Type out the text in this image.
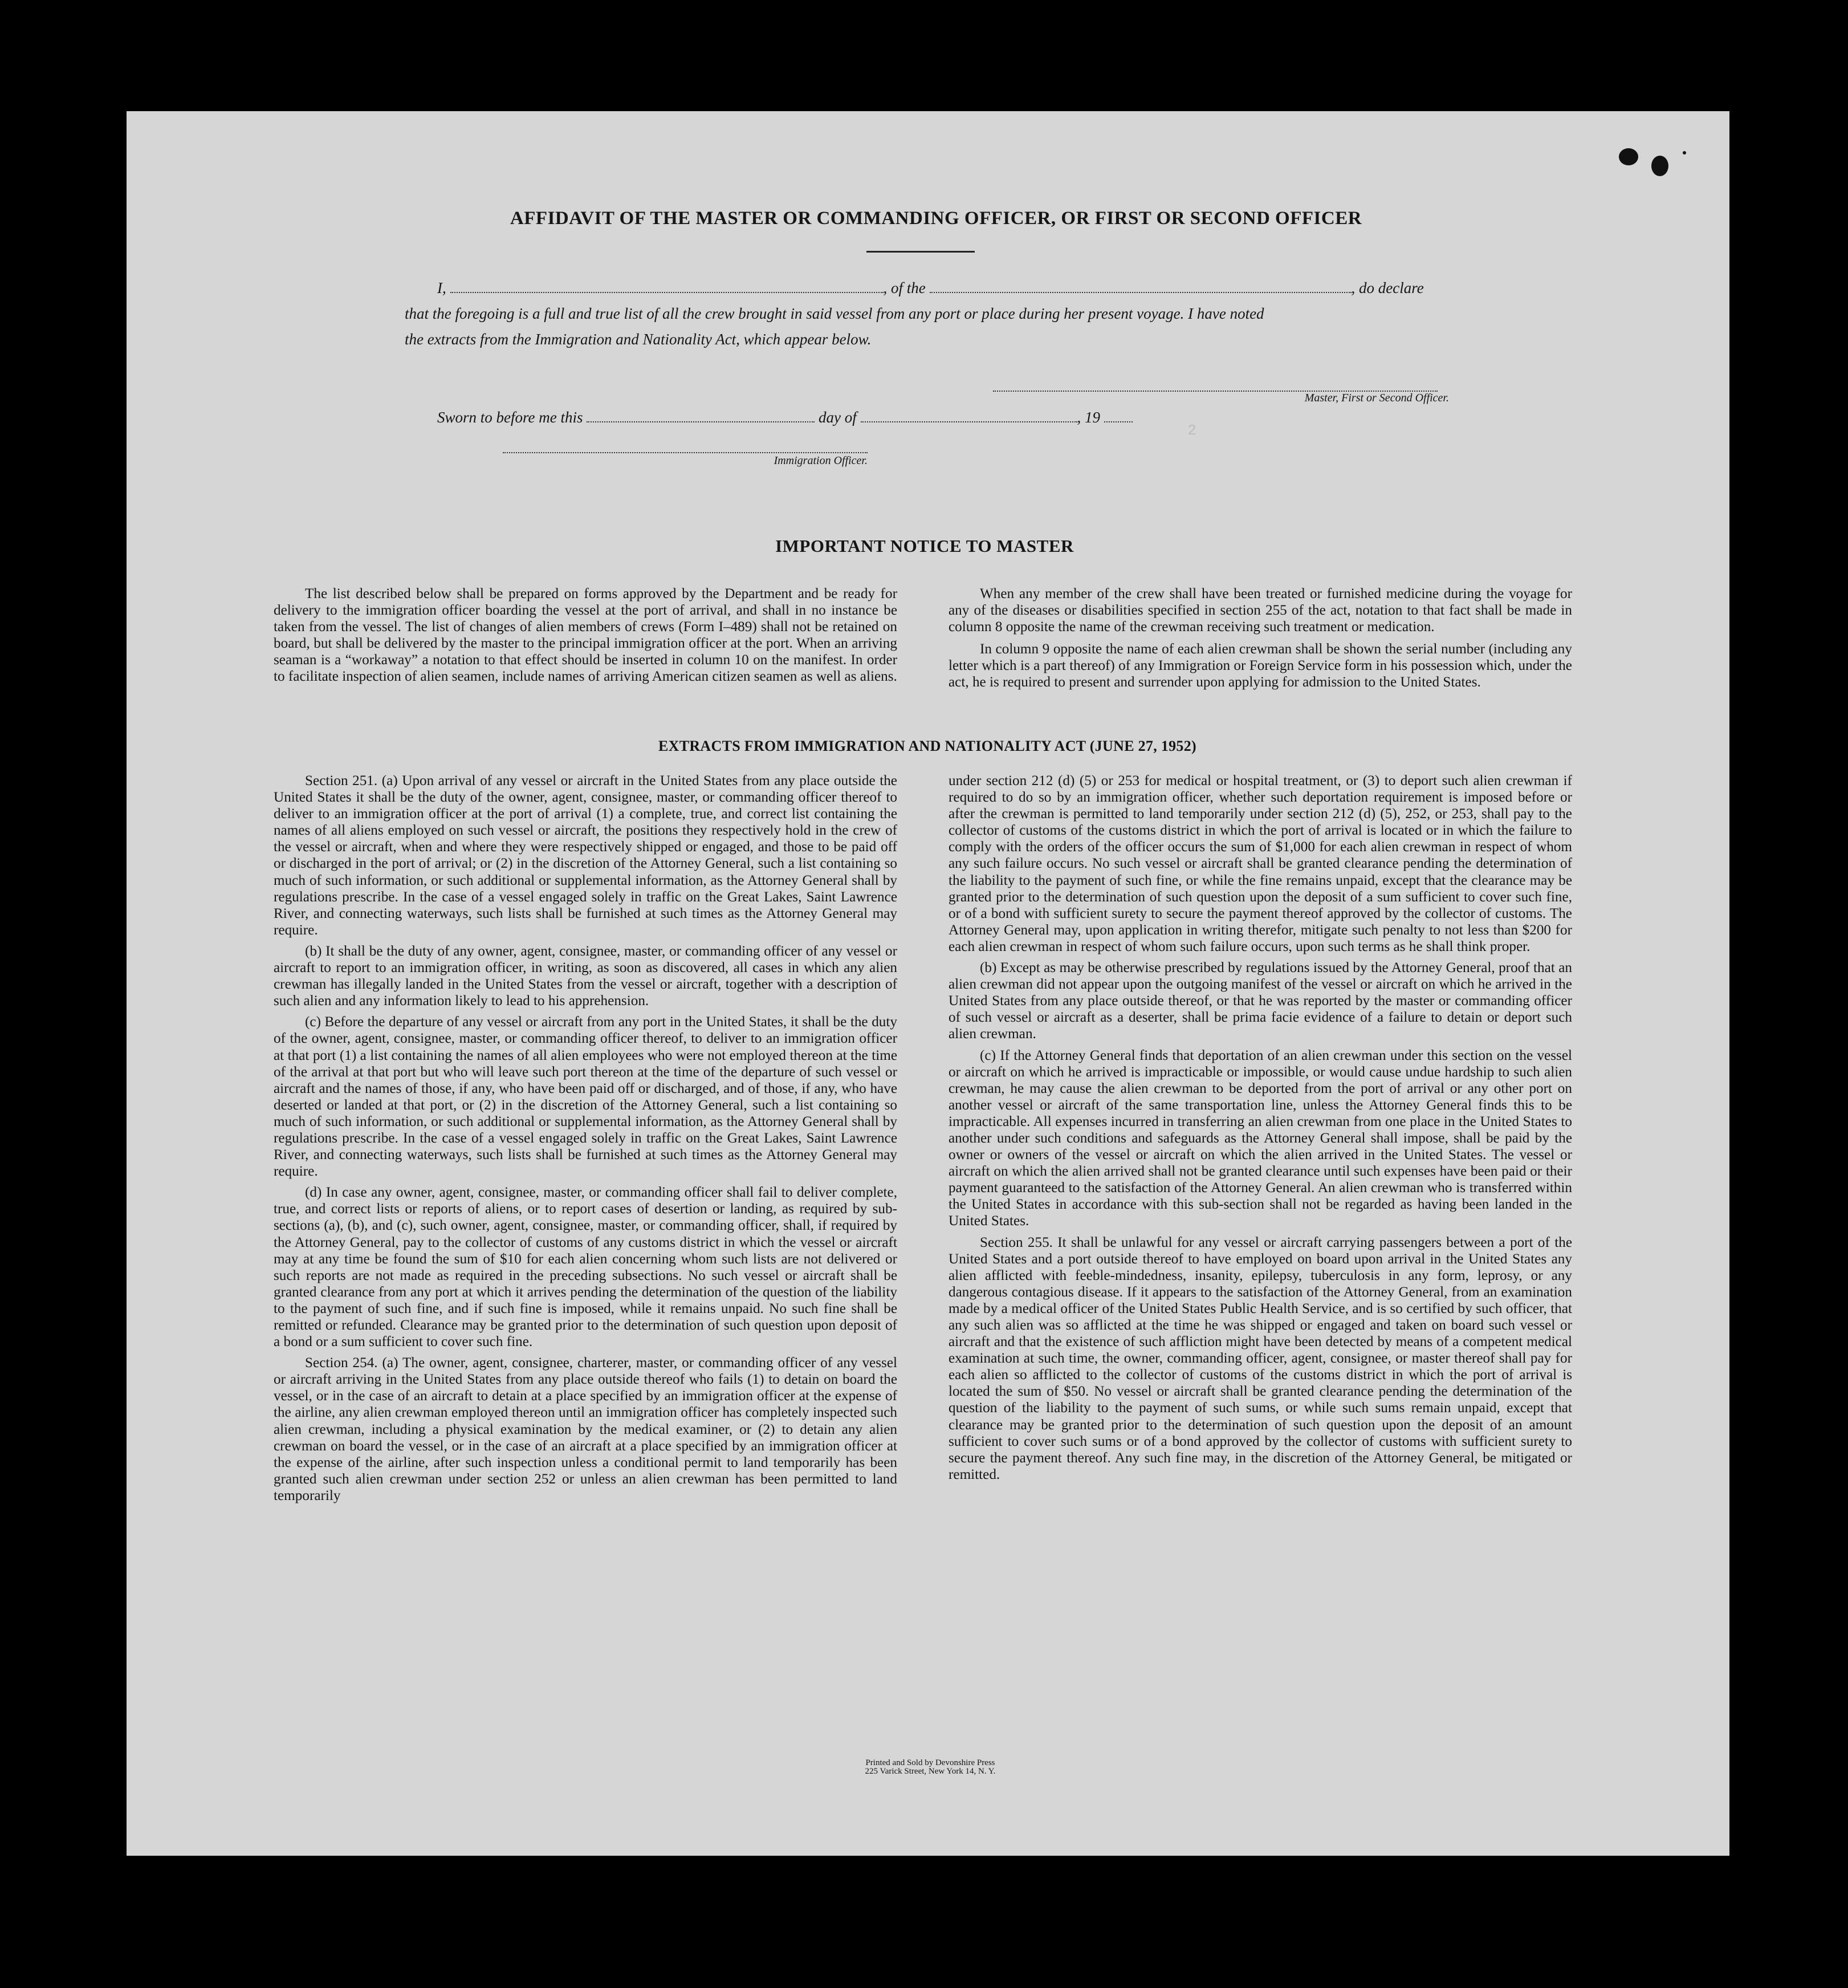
2
AFFIDAVIT OF THE MASTER OR COMMANDING OFFICER, OR FIRST OR SECOND OFFICER
I,	, of the	, do declare
that the foregoing is a full and true list of all the crew brought in said vessel from any port or place during her present voyage. I have noted
the extracts from the Immigration and Nationality Act, which appear below.
Master, First or Second Officer.
Sworn to before me this	day of	, 19
Immigration Officer.
IMPORTANT NOTICE TO MASTER

The list described below shall be prepared on forms approved by the Department and be ready for delivery to the immigration officer boarding the vessel at the port of arrival, and shall in no instance be taken from the vessel. The list of changes of alien members of crews (Form I–489) shall not be retained on board, but shall be delivered by the master to the principal immigration officer at the port. When an arriving seaman is a “workaway” a notation to that effect should be inserted in column 10 on the manifest. In order to facilitate inspection of alien seamen, include names of arriving American citizen seamen as well as aliens.

When any member of the crew shall have been treated or furnished medicine during the voyage for any of the diseases or disabilities specified in section 255 of the act, notation to that fact shall be made in column 8 opposite the name of the crewman receiving such treatment or medication.

In column 9 opposite the name of each alien crewman shall be shown the serial number (including any letter which is a part thereof) of any Immigration or Foreign Service form in his possession which, under the act, he is required to present and surrender upon applying for admission to the United States.

EXTRACTS FROM IMMIGRATION AND NATIONALITY ACT (JUNE 27, 1952)

Section 251. (a) Upon arrival of any vessel or aircraft in the United States from any place outside the United States it shall be the duty of the owner, agent, consignee, master, or commanding officer thereof to deliver to an immigration officer at the port of arrival (1) a complete, true, and correct list containing the names of all aliens employed on such vessel or aircraft, the positions they respectively hold in the crew of the vessel or aircraft, when and where they were respectively shipped or engaged, and those to be paid off or discharged in the port of arrival; or (2) in the discretion of the Attorney General, such a list containing so much of such information, or such additional or supplemental information, as the Attorney General shall by regulations prescribe. In the case of a vessel engaged solely in traffic on the Great Lakes, Saint Lawrence River, and connecting waterways, such lists shall be furnished at such times as the Attorney General may require.

(b) It shall be the duty of any owner, agent, consignee, master, or commanding officer of any vessel or aircraft to report to an immigration officer, in writing, as soon as discovered, all cases in which any alien crewman has illegally landed in the United States from the vessel or aircraft, together with a description of such alien and any information likely to lead to his apprehension.

(c) Before the departure of any vessel or aircraft from any port in the United States, it shall be the duty of the owner, agent, consignee, master, or commanding officer thereof, to deliver to an immigration officer at that port (1) a list containing the names of all alien employees who were not employed thereon at the time of the arrival at that port but who will leave such port thereon at the time of the departure of such vessel or aircraft and the names of those, if any, who have been paid off or discharged, and of those, if any, who have deserted or landed at that port, or (2) in the discretion of the Attorney General, such a list containing so much of such information, or such additional or supplemental information, as the Attorney General shall by regulations prescribe. In the case of a vessel engaged solely in traffic on the Great Lakes, Saint Lawrence River, and connecting waterways, such lists shall be furnished at such times as the Attorney General may require.

(d) In case any owner, agent, consignee, master, or commanding officer shall fail to deliver complete, true, and correct lists or reports of aliens, or to report cases of desertion or landing, as required by sub-sections (a), (b), and (c), such owner, agent, consignee, master, or commanding officer, shall, if required by the Attorney General, pay to the collector of customs of any customs district in which the vessel or aircraft may at any time be found the sum of $10 for each alien concerning whom such lists are not delivered or such reports are not made as required in the preceding subsections. No such vessel or aircraft shall be granted clearance from any port at which it arrives pending the determination of the question of the liability to the payment of such fine, and if such fine is imposed, while it remains unpaid. No such fine shall be remitted or refunded. Clearance may be granted prior to the determination of such question upon deposit of a bond or a sum sufficient to cover such fine.

Section 254. (a) The owner, agent, consignee, charterer, master, or commanding officer of any vessel or aircraft arriving in the United States from any place outside thereof who fails (1) to detain on board the vessel, or in the case of an aircraft to detain at a place specified by an immigration officer at the expense of the airline, any alien crewman employed thereon until an immigration officer has completely inspected such alien crewman, including a physical examination by the medical examiner, or (2) to detain any alien crewman on board the vessel, or in the case of an aircraft at a place specified by an immigration officer at the expense of the airline, after such inspection unless a conditional permit to land temporarily has been granted such alien crewman under section 252 or unless an alien crewman has been permitted to land temporarily

under section 212 (d) (5) or 253 for medical or hospital treatment, or (3) to deport such alien crewman if required to do so by an immigration officer, whether such deportation requirement is imposed before or after the crewman is permitted to land temporarily under section 212 (d) (5), 252, or 253, shall pay to the collector of customs of the customs district in which the port of arrival is located or in which the failure to comply with the orders of the officer occurs the sum of $1,000 for each alien crewman in respect of whom any such failure occurs. No such vessel or aircraft shall be granted clearance pending the determination of the liability to the payment of such fine, or while the fine remains unpaid, except that the clearance may be granted prior to the determination of such question upon the deposit of a sum sufficient to cover such fine, or of a bond with sufficient surety to secure the payment thereof approved by the collector of customs. The Attorney General may, upon application in writing therefor, mitigate such penalty to not less than $200 for each alien crewman in respect of whom such failure occurs, upon such terms as he shall think proper.

(b) Except as may be otherwise prescribed by regulations issued by the Attorney General, proof that an alien crewman did not appear upon the outgoing manifest of the vessel or aircraft on which he arrived in the United States from any place outside thereof, or that he was reported by the master or commanding officer of such vessel or aircraft as a deserter, shall be prima facie evidence of a failure to detain or deport such alien crewman.

(c) If the Attorney General finds that deportation of an alien crewman under this section on the vessel or aircraft on which he arrived is impracticable or impossible, or would cause undue hardship to such alien crewman, he may cause the alien crewman to be deported from the port of arrival or any other port on another vessel or aircraft of the same transportation line, unless the Attorney General finds this to be impracticable. All expenses incurred in transferring an alien crewman from one place in the United States to another under such conditions and safeguards as the Attorney General shall impose, shall be paid by the owner or owners of the vessel or aircraft on which the alien arrived in the United States. The vessel or aircraft on which the alien arrived shall not be granted clearance until such expenses have been paid or their payment guaranteed to the satisfaction of the Attorney General. An alien crewman who is transferred within the United States in accordance with this sub-section shall not be regarded as having been landed in the United States.

Section 255. It shall be unlawful for any vessel or aircraft carrying passengers between a port of the United States and a port outside thereof to have employed on board upon arrival in the United States any alien afflicted with feeble-mindedness, insanity, epilepsy, tuberculosis in any form, leprosy, or any dangerous contagious disease. If it appears to the satisfaction of the Attorney General, from an examination made by a medical officer of the United States Public Health Service, and is so certified by such officer, that any such alien was so afflicted at the time he was shipped or engaged and taken on board such vessel or aircraft and that the existence of such affliction might have been detected by means of a competent medical examination at such time, the owner, commanding officer, agent, consignee, or master thereof shall pay for each alien so afflicted to the collector of customs of the customs district in which the port of arrival is located the sum of $50. No vessel or aircraft shall be granted clearance pending the determination of the question of the liability to the payment of such sums, or while such sums remain unpaid, except that clearance may be granted prior to the determination of such question upon the deposit of an amount sufficient to cover such sums or of a bond approved by the collector of customs with sufficient surety to secure the payment thereof. Any such fine may, in the discretion of the Attorney General, be mitigated or remitted.

Printed and Sold by Devonshire Press
225 Varick Street, New York 14, N. Y.
